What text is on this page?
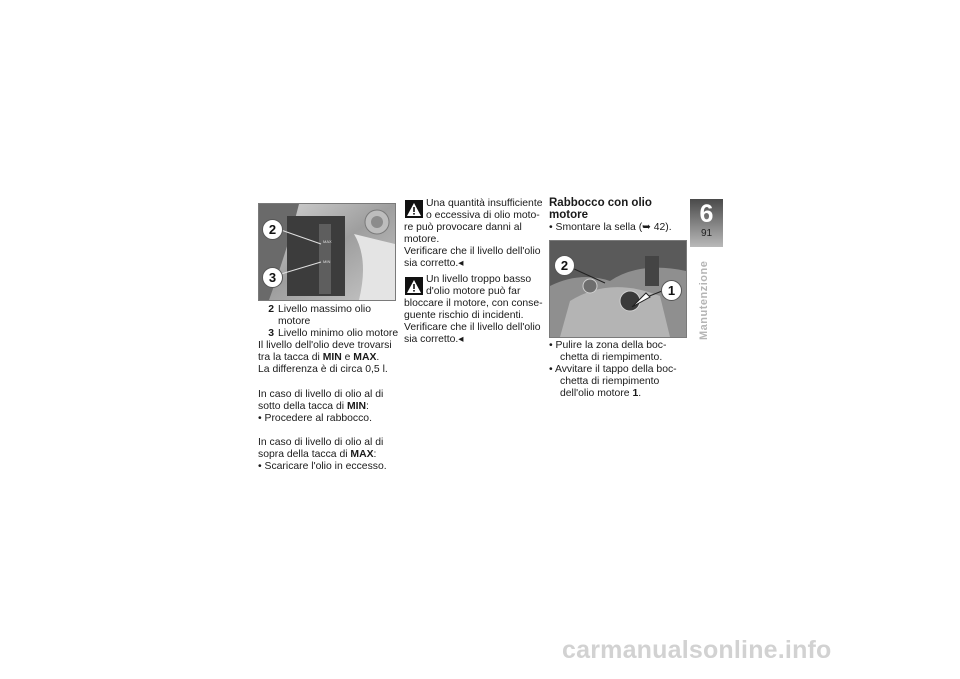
2
3
MAX
MIN
2 Livello massimo olio
motore
3 Livello minimo olio motore
Il livello dell'olio deve trovarsi
tra la tacca di MIN e MAX.
La differenza è di circa 0,5 l.
In caso di livello di olio al di
sotto della tacca di MIN:
• Procedere al rabbocco.
In caso di livello di olio al di
sopra della tacca di MAX:
• Scaricare l'olio in eccesso.
Una quantità insufficiente
o eccessiva di olio moto-
re può provocare danni al
motore.
Verificare che il livello dell'olio
sia corretto.◂
Un livello troppo basso
d'olio motore può far
bloccare il motore, con conse-
guente rischio di incidenti.
Verificare che il livello dell'olio
sia corretto.◂
Rabbocco con olio
motore
• Smontare la sella (➥ 42).
2
1
• Pulire la zona della boc-
chetta di riempimento.
• Avvitare il tappo della boc-
chetta di riempimento
dell'olio motore 1.
6
91
Manutenzione
carmanualsonline.info
